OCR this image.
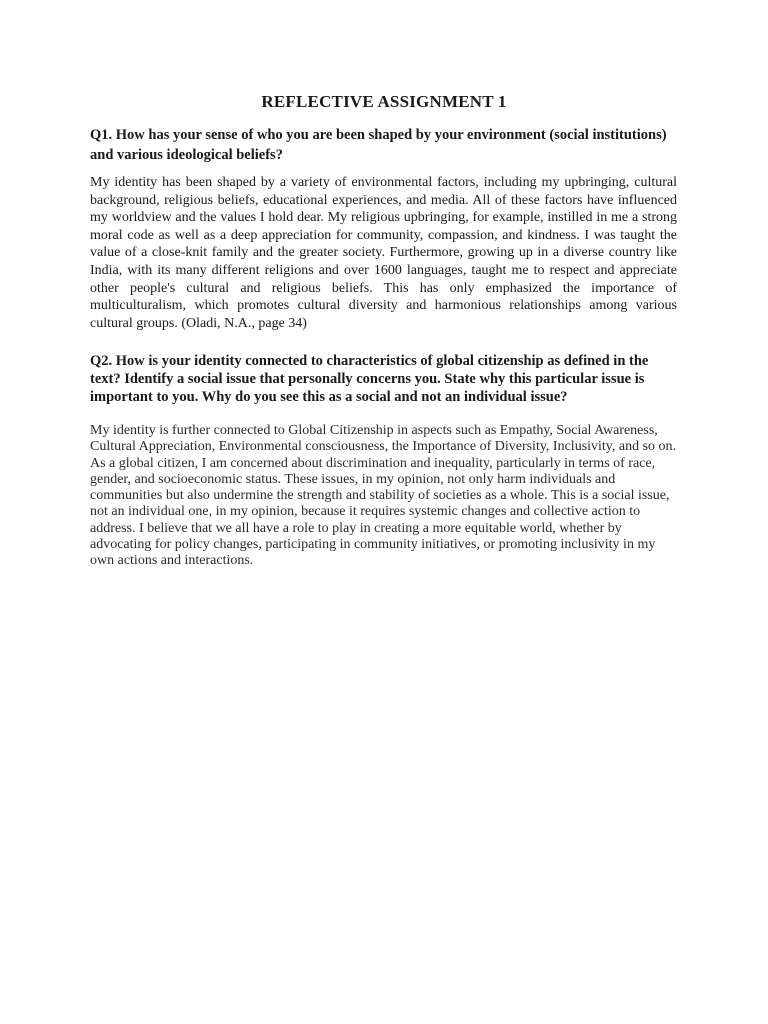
REFLECTIVE ASSIGNMENT 1
Q1. How has your sense of who you are been shaped by your environment (social institutions) and various ideological beliefs?

My identity has been shaped by a variety of environmental factors, including my upbringing, cultural background, religious beliefs, educational experiences, and media. All of these factors have influenced my worldview and the values I hold dear. My religious upbringing, for example, instilled in me a strong moral code as well as a deep appreciation for community, compassion, and kindness. I was taught the value of a close-knit family and the greater society. Furthermore, growing up in a diverse country like India, with its many different religions and over 1600 languages, taught me to respect and appreciate other people's cultural and religious beliefs. This has only emphasized the importance of multiculturalism, which promotes cultural diversity and harmonious relationships among various cultural groups. (Oladi, N.A., page 34)

Q2. How is your identity connected to characteristics of global citizenship as defined in the text? Identify a social issue that personally concerns you. State why this particular issue is important to you. Why do you see this as a social and not an individual issue?

My identity is further connected to Global Citizenship in aspects such as Empathy, Social Awareness, Cultural Appreciation, Environmental consciousness, the Importance of Diversity, Inclusivity, and so on. As a global citizen, I am concerned about discrimination and inequality, particularly in terms of race, gender, and socioeconomic status. These issues, in my opinion, not only harm individuals and communities but also undermine the strength and stability of societies as a whole. This is a social issue, not an individual one, in my opinion, because it requires systemic changes and collective action to address. I believe that we all have a role to play in creating a more equitable world, whether by advocating for policy changes, participating in community initiatives, or promoting inclusivity in my own actions and interactions.
